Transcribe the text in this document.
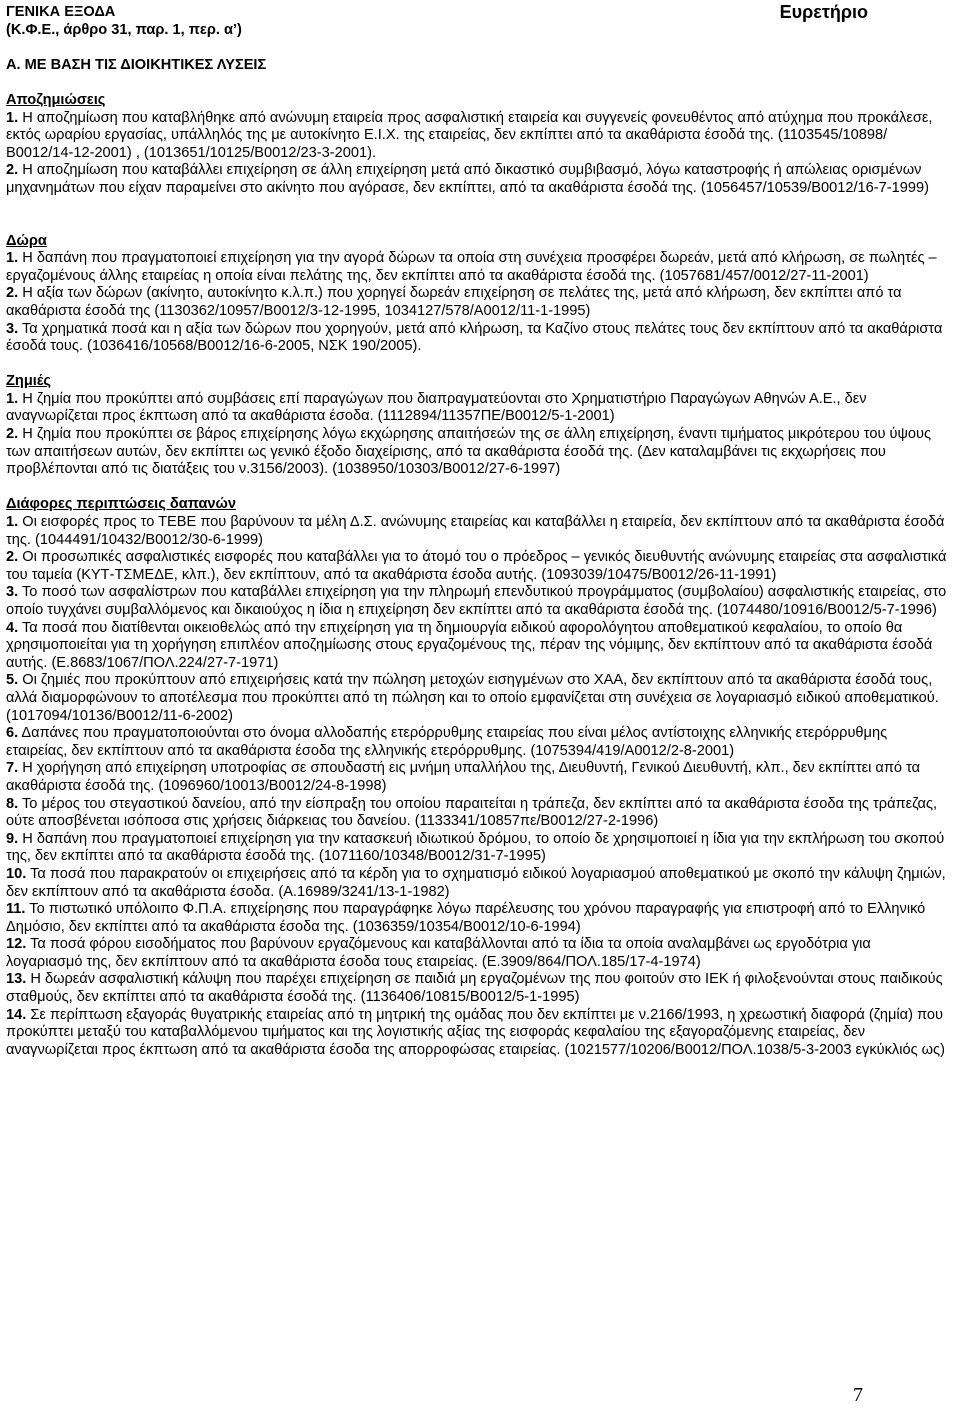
Ευρετήριο
ΓΕΝΙΚΑ ΕΞΟΔΑ
(Κ.Φ.Ε., άρθρο 31, παρ. 1, περ. α’)
Α. ΜΕ ΒΑΣΗ ΤΙΣ ΔΙΟΙΚΗΤΙΚΕΣ ΛΥΣΕΙΣ
Αποζημιώσεις
1. Η αποζημίωση που καταβλήθηκε από ανώνυμη εταιρεία προς ασφαλιστική εταιρεία και συγγενείς φονευθέντος από ατύχημα που προκάλεσε, εκτός ωραρίου εργασίας, υπάλληλός της με αυτοκίνητο Ε.Ι.Χ. της εταιρείας, δεν εκπίπτει από τα ακαθάριστα έσοδά της. (1103545/10898/Β0012/14-12-2001) , (1013651/10125/Β0012/23-3-2001).
2. Η αποζημίωση που καταβάλλει επιχείρηση σε άλλη επιχείρηση μετά από δικαστικό συμβιβασμό, λόγω καταστροφής ή απώλειας ορισμένων μηχανημάτων που είχαν παραμείνει στο ακίνητο που αγόρασε, δεν εκπίπτει, από τα ακαθάριστα έσοδά της. (1056457/10539/Β0012/16-7-1999)
Δώρα
1. Η δαπάνη που πραγματοποιεί επιχείρηση για την αγορά δώρων τα οποία στη συνέχεια προσφέρει δωρεάν, μετά από κλήρωση, σε πωλητές – εργαζομένους άλλης εταιρείας η οποία είναι πελάτης της, δεν εκπίπτει από τα ακαθάριστα έσοδά της. (1057681/457/0012/27-11-2001)
2. Η αξία των δώρων (ακίνητο, αυτοκίνητο κ.λ.π.) που χορηγεί δωρεάν επιχείρηση σε πελάτες της, μετά από κλήρωση, δεν εκπίπτει από τα ακαθάριστα έσοδά της (1130362/10957/Β0012/3-12-1995, 1034127/578/Α0012/11-1-1995)
3. Τα χρηματικά ποσά και η αξία των δώρων που χορηγούν, μετά από κλήρωση, τα Καζίνο στους πελάτες τους δεν εκπίπτουν από τα ακαθάριστα έσοδά τους. (1036416/10568/Β0012/16-6-2005, ΝΣΚ 190/2005).
Ζημιές
1. Η ζημία που προκύπτει από συμβάσεις επί παραγώγων που διαπραγματεύονται στο Χρηματιστήριο Παραγώγων Αθηνών Α.Ε., δεν αναγνωρίζεται προς έκπτωση από τα ακαθάριστα έσοδα. (1112894/11357ΠΕ/Β0012/5-1-2001)
2. Η ζημία που προκύπτει σε βάρος επιχείρησης λόγω εκχώρησης απαιτήσεών της σε άλλη επιχείρηση, έναντι τιμήματος μικρότερου του ύψους των απαιτήσεων αυτών, δεν εκπίπτει ως γενικό έξοδο διαχείρισης, από τα ακαθάριστα έσοδά της. (Δεν καταλαμβάνει τις εκχωρήσεις που προβλέπονται από τις διατάξεις του ν.3156/2003). (1038950/10303/Β0012/27-6-1997)
Διάφορες περιπτώσεις δαπανών
1. Οι εισφορές προς το ΤΕΒΕ που βαρύνουν τα μέλη Δ.Σ. ανώνυμης εταιρείας και καταβάλλει η εταιρεία, δεν εκπίπτουν από τα ακαθάριστα έσοδά της. (1044491/10432/Β0012/30-6-1999)
2. Οι προσωπικές ασφαλιστικές εισφορές που καταβάλλει για το άτομό του ο πρόεδρος – γενικός διευθυντής ανώνυμης εταιρείας στα ασφαλιστικά του ταμεία (ΚΥΤ-ΤΣΜΕΔΕ, κλπ.), δεν εκπίπτουν, από τα ακαθάριστα έσοδα αυτής. (1093039/10475/Β0012/26-11-1991)
3. Το ποσό των ασφαλίστρων που καταβάλλει επιχείρηση για την πληρωμή επενδυτικού προγράμματος (συμβολαίου) ασφαλιστικής εταιρείας, στο οποίο τυγχάνει συμβαλλόμενος και δικαιούχος η ίδια η επιχείρηση δεν εκπίπτει από τα ακαθάριστα έσοδά της. (1074480/10916/Β0012/5-7-1996)
4. Τα ποσά που διατίθενται οικειοθελώς από την επιχείρηση για τη δημιουργία ειδικού αφορολόγητου αποθεματικού κεφαλαίου, το οποίο θα χρησιμοποιείται για τη χορήγηση επιπλέον αποζημίωσης στους εργαζομένους της, πέραν της νόμιμης, δεν εκπίπτουν από τα ακαθάριστα έσοδά αυτής. (Ε.8683/1067/ΠΟΛ.224/27-7-1971)
5. Οι ζημιές που προκύπτουν από επιχειρήσεις κατά την πώληση μετοχών εισηγμένων στο ΧΑΑ, δεν εκπίπτουν από τα ακαθάριστα έσοδά τους, αλλά διαμορφώνουν το αποτέλεσμα που προκύπτει από τη πώληση και το οποίο εμφανίζεται στη συνέχεια σε λογαριασμό ειδικού αποθεματικού. (1017094/10136/Β0012/11-6-2002)
6. Δαπάνες που πραγματοποιούνται στο όνομα αλλοδαπής ετερόρρυθμης εταιρείας που είναι μέλος αντίστοιχης ελληνικής ετερόρρυθμης εταιρείας, δεν εκπίπτουν από τα ακαθάριστα έσοδα της ελληνικής ετερόρρυθμης. (1075394/419/Α0012/2-8-2001)
7. Η χορήγηση από επιχείρηση υποτροφίας σε σπουδαστή εις μνήμη υπαλλήλου της, Διευθυντή, Γενικού Διευθυντή, κλπ., δεν εκπίπτει από τα ακαθάριστα έσοδά της. (1096960/10013/Β0012/24-8-1998)
8. Το μέρος του στεγαστικού δανείου, από την είσπραξη του οποίου παραιτείται η τράπεζα, δεν εκπίπτει από τα ακαθάριστα έσοδα της τράπεζας, ούτε αποσβένεται ισόποσα στις χρήσεις διάρκειας του δανείου. (1133341/10857πε/Β0012/27-2-1996)
9. Η δαπάνη που πραγματοποιεί επιχείρηση για την κατασκευή ιδιωτικού δρόμου, το οποίο δε χρησιμοποιεί η ίδια για την εκπλήρωση του σκοπού της, δεν εκπίπτει από τα ακαθάριστα έσοδά της. (1071160/10348/Β0012/31-7-1995)
10. Τα ποσά που παρακρατούν οι επιχειρήσεις από τα κέρδη για το σχηματισμό ειδικού λογαριασμού αποθεματικού με σκοπό την κάλυψη ζημιών, δεν εκπίπτουν από τα ακαθάριστα έσοδα. (Α.16989/3241/13-1-1982)
11. Το πιστωτικό υπόλοιπο Φ.Π.Α. επιχείρησης που παραγράφηκε λόγω παρέλευσης του χρόνου παραγραφής για επιστροφή από το Ελληνικό Δημόσιο, δεν εκπίπτει από τα ακαθάριστα έσοδα της. (1036359/10354/Β0012/10-6-1994)
12. Τα ποσά φόρου εισοδήματος που βαρύνουν εργαζόμενους και καταβάλλονται από τα ίδια τα οποία αναλαμβάνει ως εργοδότρια για λογαριασμό της, δεν εκπίπτουν από τα ακαθάριστα έσοδα τους εταιρείας. (Ε.3909/864/ΠΟΛ.185/17-4-1974)
13. Η δωρεάν ασφαλιστική κάλυψη που παρέχει επιχείρηση σε παιδιά μη εργαζομένων της που φοιτούν στο ΙΕΚ ή φιλοξενούνται στους παιδικούς σταθμούς, δεν εκπίπτει από τα ακαθάριστα έσοδά της. (1136406/10815/Β0012/5-1-1995)
14. Σε περίπτωση εξαγοράς θυγατρικής εταιρείας από τη μητρική της ομάδας που δεν εκπίπτει με ν.2166/1993, η χρεωστική διαφορά (ζημία) που προκύπτει μεταξύ του καταβαλλόμενου τιμήματος και της λογιστικής αξίας της εισφοράς κεφαλαίου της εξαγοραζόμενης εταιρείας, δεν αναγνωρίζεται προς έκπτωση από τα ακαθάριστα έσοδα της απορροφώσας εταιρείας. (1021577/10206/Β0012/ΠΟΛ.1038/5-3-2003 εγκύκλιός ως)
7
